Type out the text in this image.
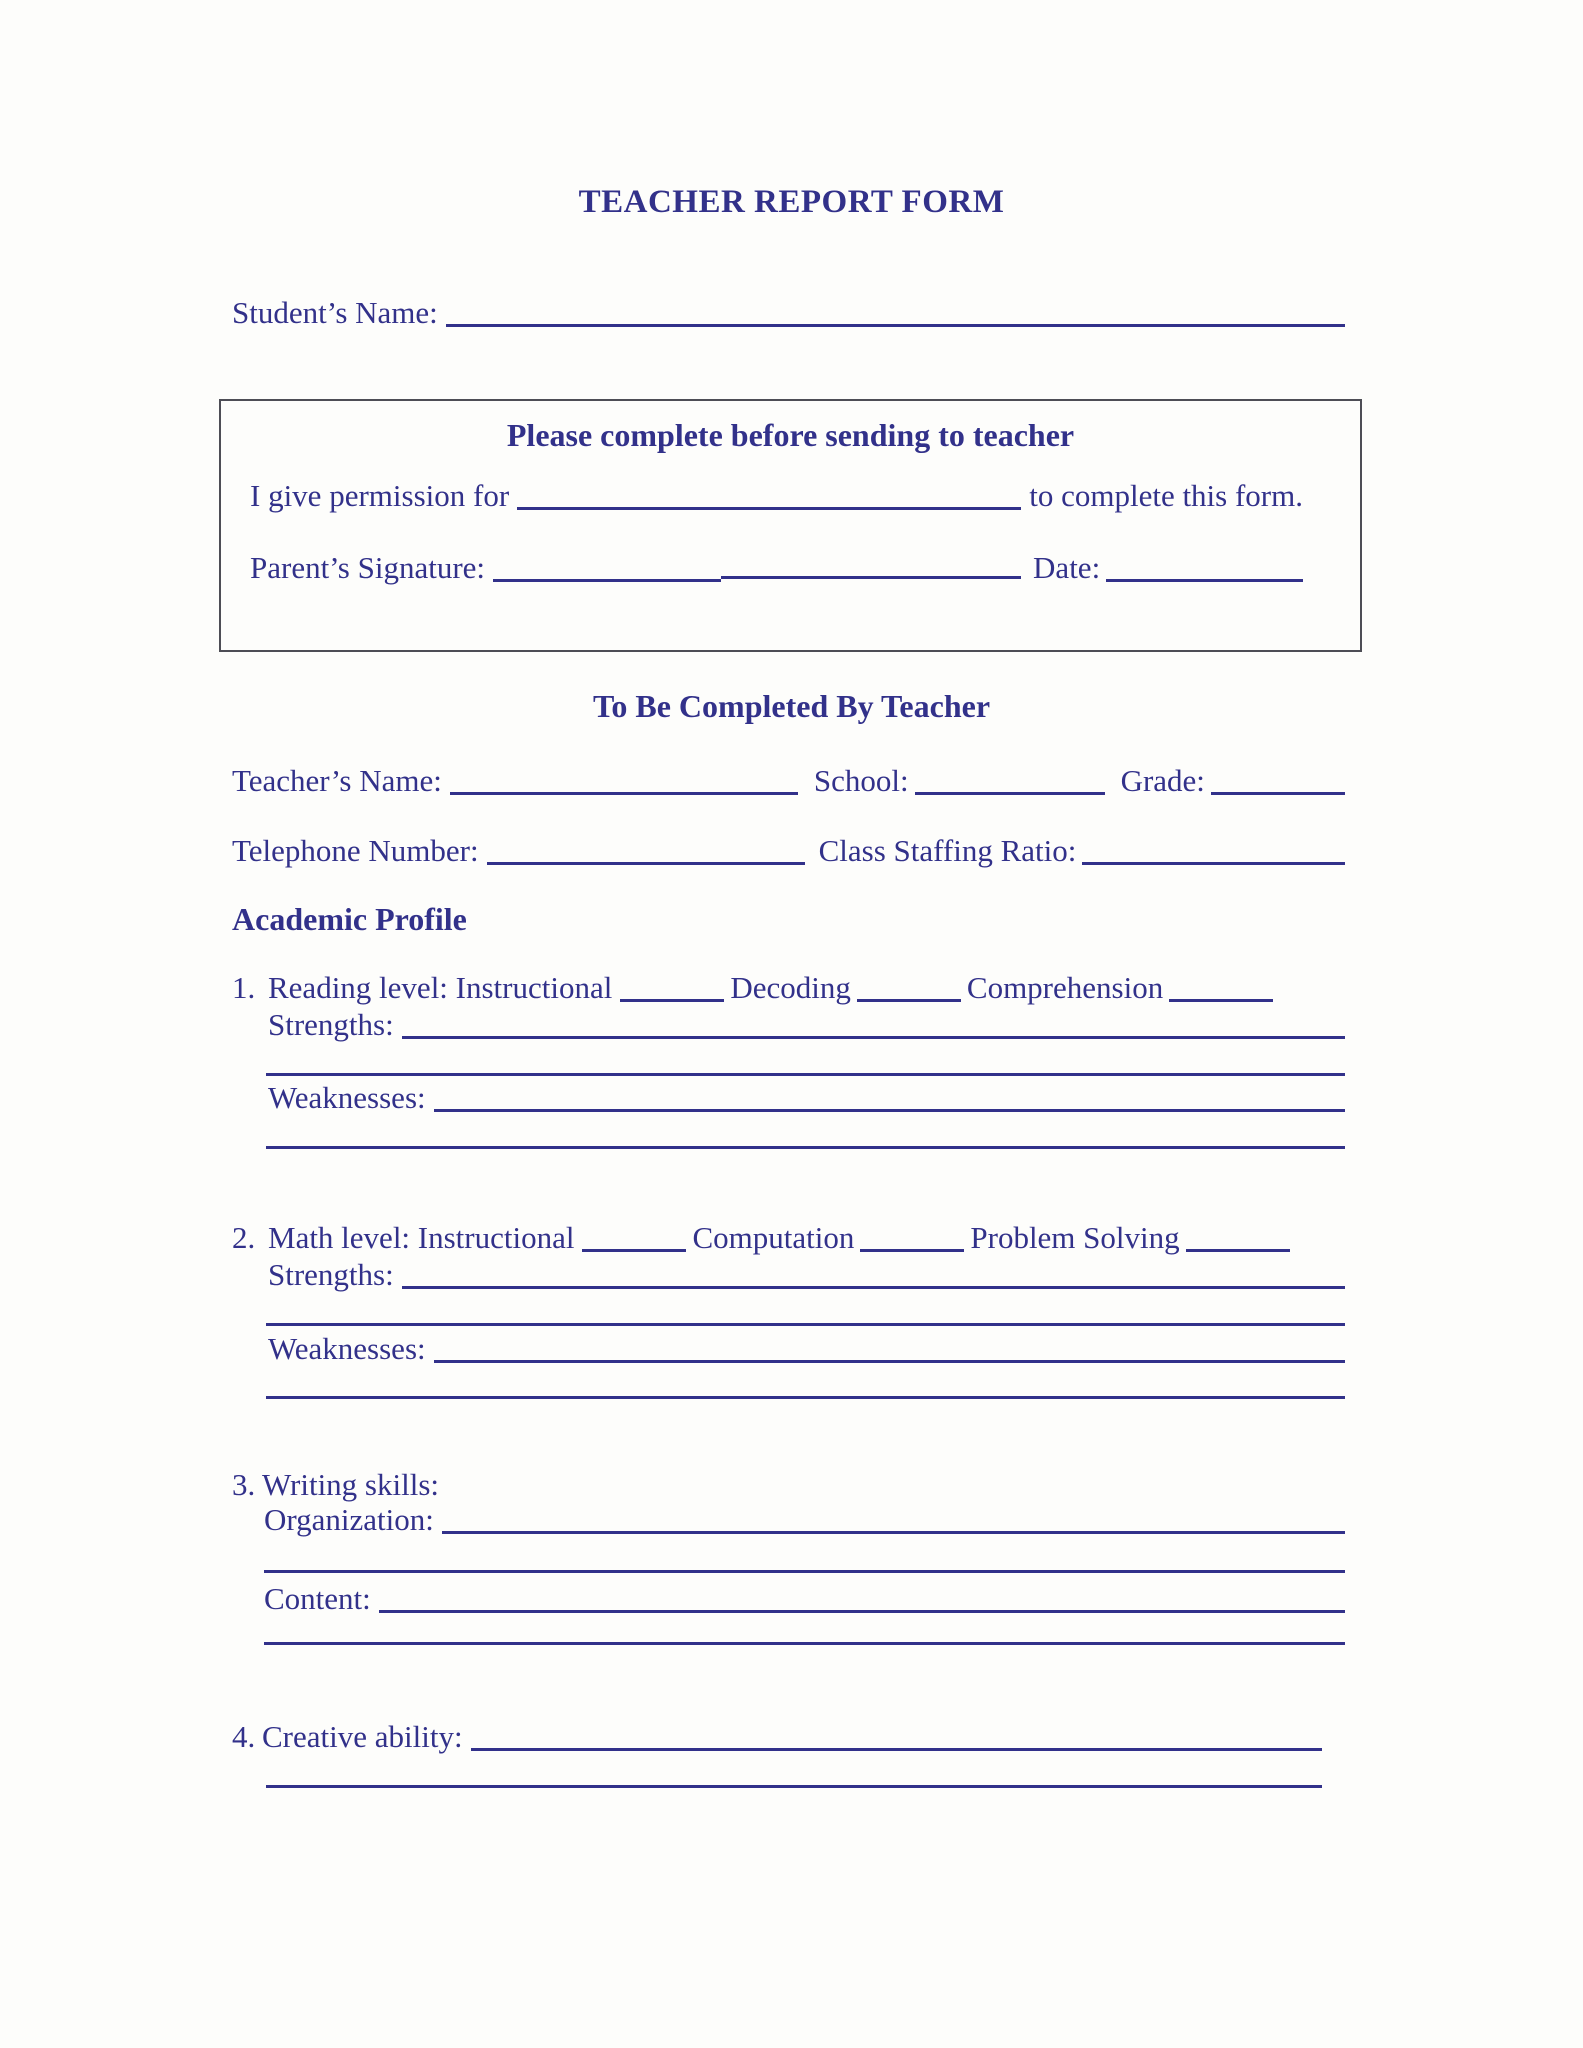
TEACHER REPORT FORM
Student’s Name:
Please complete before sending to teacher
I give permission for	to complete this form.
Parent’s Signature:	Date:
To Be Completed By Teacher
Teacher’s Name:	School:	Grade:
Telephone Number:	Class Staffing Ratio:
Academic Profile
1. Reading level: Instructional	Decoding	Comprehension
Strengths:
Weaknesses:
2. Math level: Instructional	Computation	Problem Solving
Strengths:
Weaknesses:
3. Writing skills:
Organization:
Content:
4. Creative ability:
